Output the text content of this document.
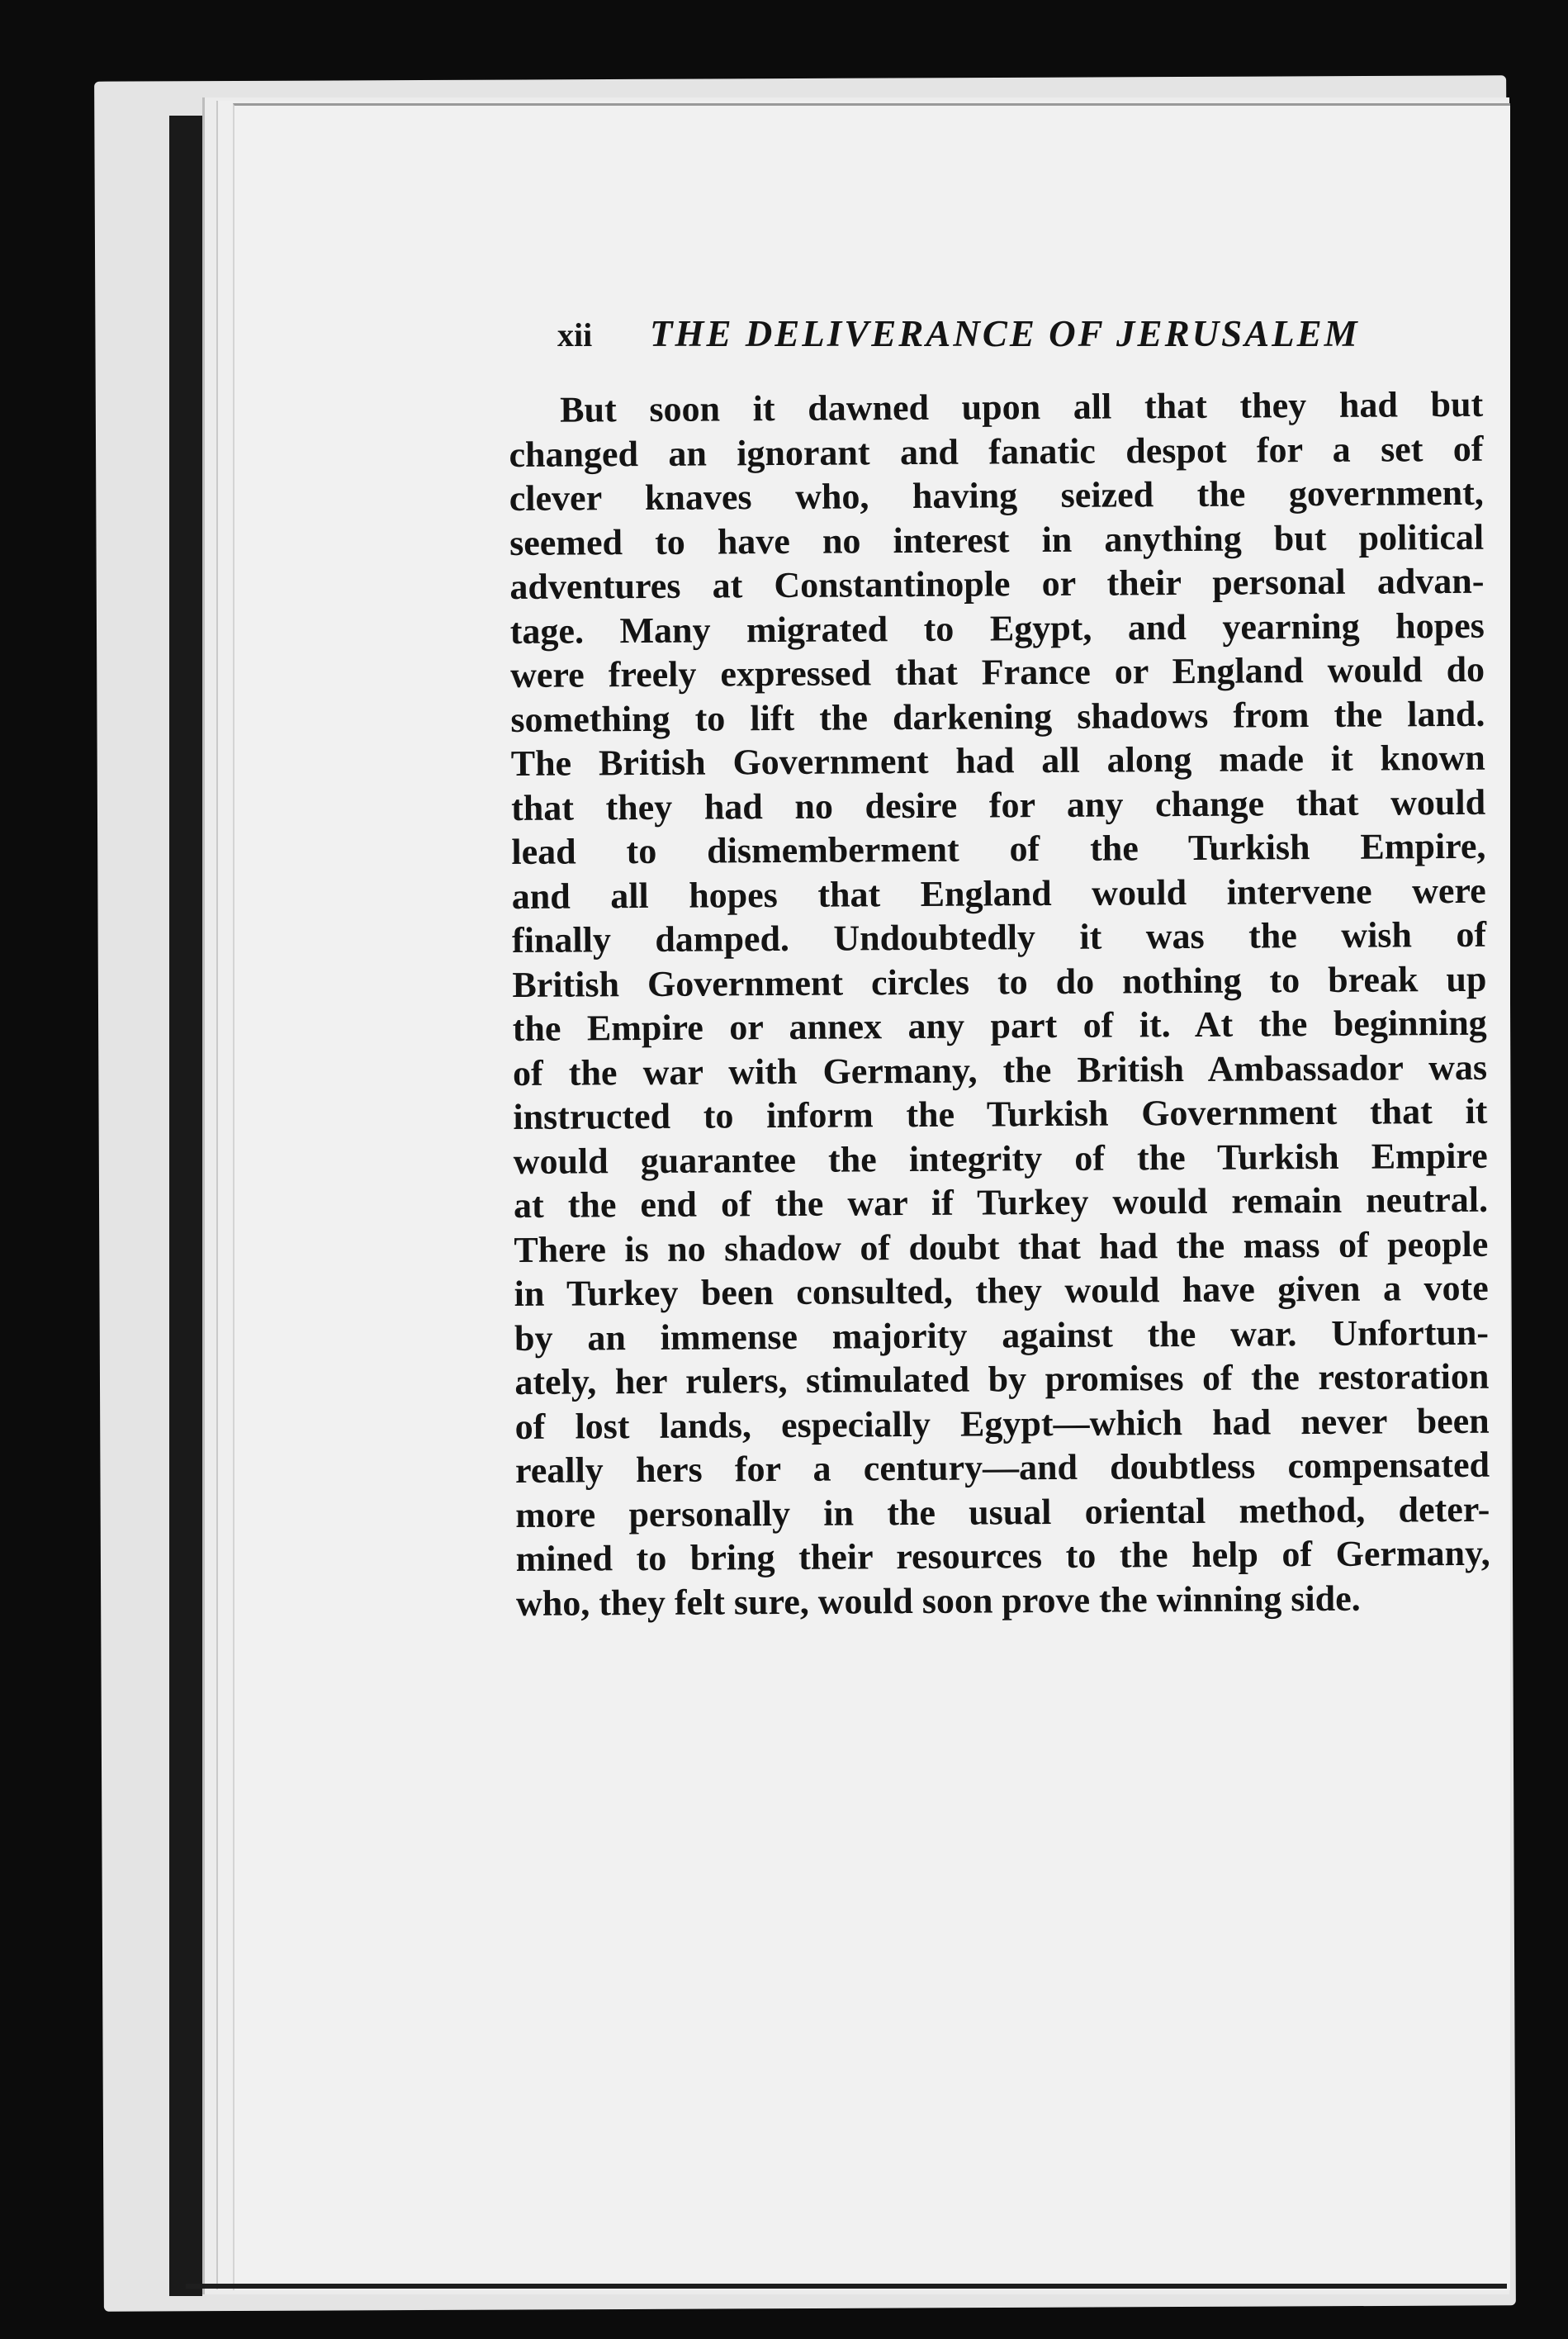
xii THE DELIVERANCE OF JERUSALEM
But soon it dawned upon all that they had but
changed an ignorant and fanatic despot for a set of
clever knaves who, having seized the government,
seemed to have no interest in anything but political
adventures at Constantinople or their personal advan-
tage. Many migrated to Egypt, and yearning hopes
were freely expressed that France or England would do
something to lift the darkening shadows from the land.
The British Government had all along made it known
that they had no desire for any change that would
lead to dismemberment of the Turkish Empire,
and all hopes that England would intervene were
finally damped. Undoubtedly it was the wish of
British Government circles to do nothing to break up
the Empire or annex any part of it. At the beginning
of the war with Germany, the British Ambassador was
instructed to inform the Turkish Government that it
would guarantee the integrity of the Turkish Empire
at the end of the war if Turkey would remain neutral.
There is no shadow of doubt that had the mass of people
in Turkey been consulted, they would have given a vote
by an immense majority against the war. Unfortun-
ately, her rulers, stimulated by promises of the restoration
of lost lands, especially Egypt—which had never been
really hers for a century—and doubtless compensated
more personally in the usual oriental method, deter-
mined to bring their resources to the help of Germany,
who, they felt sure, would soon prove the winning side.
